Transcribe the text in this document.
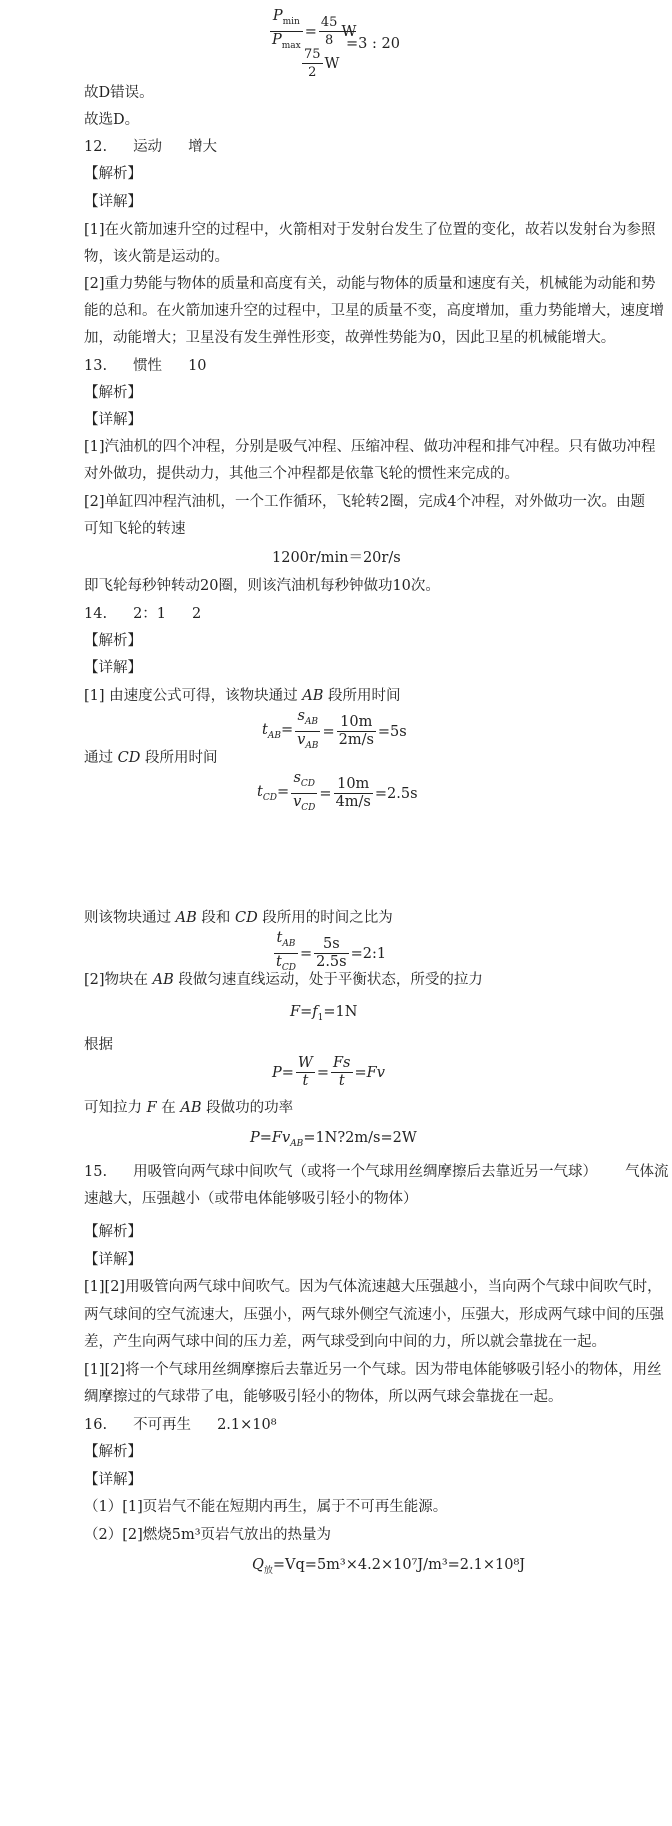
$\frac{P_{min}}{P_{max}} = \frac{45}{8}$ W
$\frac{75}{2}$ W
=3 : 20
故D错误。
故选D。
12. 运动 增大
【解析】
【详解】
[1]在火箭加速升空的过程中，火箭相对于发射台发生了位置的变化，故若以发射台为参照
物，该火箭是运动的。
[2]重力势能与物体的质量和高度有关，动能与物体的质量和速度有关，机械能为动能和势
能的总和。在火箭加速升空的过程中，卫星的质量不变，高度增加，重力势能增大，速度增
加，动能增大；卫星没有发生弹性形变，故弹性势能为0，因此卫星的机械能增大。
13. 惯性 10
【解析】
【详解】
[1]汽油机的四个冲程，分别是吸气冲程、压缩冲程、做功冲程和排气冲程。只有做功冲程
对外做功，提供动力，其他三个冲程都是依靠飞轮的惯性来完成的。
[2]单缸四冲程汽油机，一个工作循环，飞轮转2圈，完成4个冲程，对外做功一次。由题
可知飞轮的转速
1200r/min＝20r/s
即飞轮每秒钟转动20圈，则该汽油机每秒钟做功10次。
14. 2：1 2
【解析】
【详解】
[1] 由速度公式可得，该物块通过 AB 段所用时间
$t_{AB}= \frac{s_{AB}}{v_{AB}} = \frac{10m}{2m/s} =5s$
通过 CD 段所用时间
$t_{CD}= \frac{s_{CD}}{v_{CD}} = \frac{10m}{4m/s} =2.5s$
则该物块通过 AB 段和 CD 段所用的时间之比为
$\frac{t_{AB}}{t_{CD}} = \frac{5s}{2.5s}$ =2:1
[2]物块在 AB 段做匀速直线运动，处于平衡状态，所受的拉力
$F=f_1=1N$
根据
$P= \frac{W}{t} = \frac{Fs}{t} =Fv$
可知拉力 F 在 AB 段做功的功率
$P=Fv_{AB}=1N?2m/s=2W$
15. 用吸管向两气球中间吹气（或将一个气球用丝绸摩擦后去靠近另一气球） 气体流
速越大，压强越小（或带电体能够吸引轻小的物体）
【解析】
【详解】
[1][2]用吸管向两气球中间吹气。因为气体流速越大压强越小，当向两个气球中间吹气时，
两气球间的空气流速大，压强小，两气球外侧空气流速小，压强大，形成两气球中间的压强
差，产生向两气球中间的压力差，两气球受到向中间的力，所以就会靠拢在一起。
[1][2]将一个气球用丝绸摩擦后去靠近另一个气球。因为带电体能够吸引轻小的物体，用丝
绸摩擦过的气球带了电，能够吸引轻小的物体，所以两气球会靠拢在一起。
16. 不可再生 2.1×10⁸
【解析】
【详解】
（1）[1]页岩气不能在短期内再生，属于不可再生能源。
（2）[2]燃烧5m³页岩气放出的热量为
$Q_放=Vq=5m^3\times 4.2\times 10^7J/m^3=2.1\times 10^8J$
